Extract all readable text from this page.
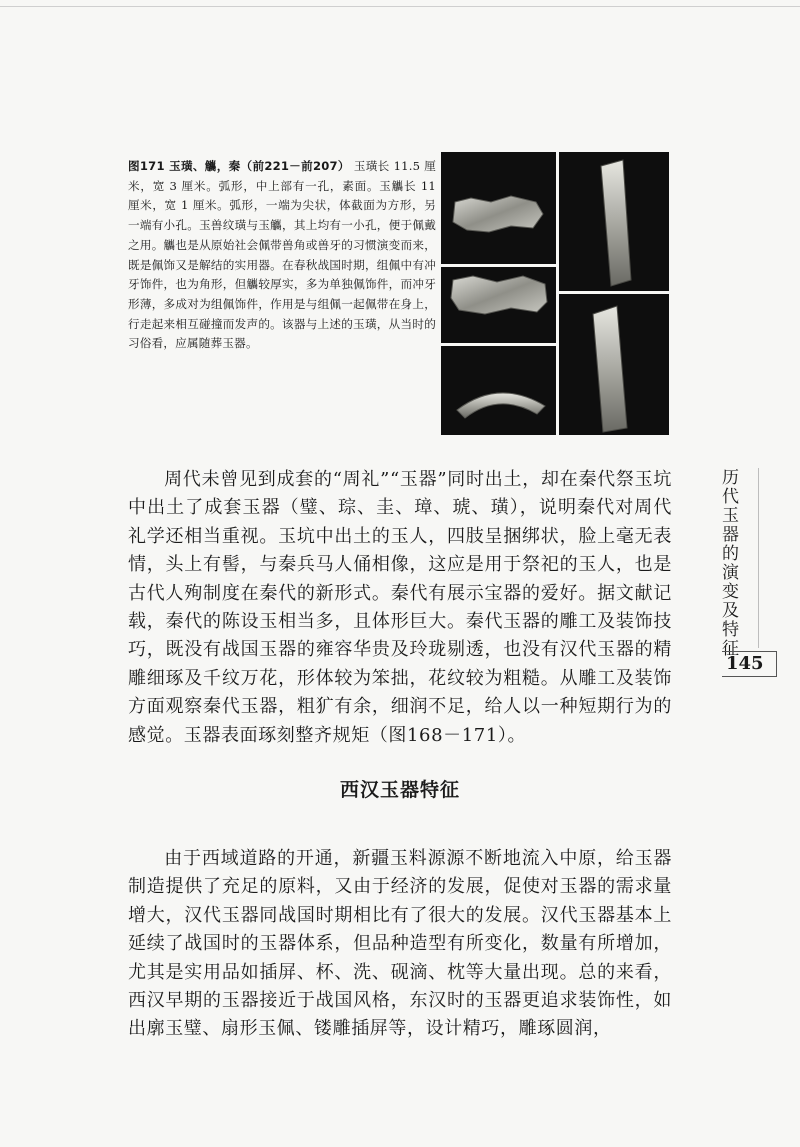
图171 玉璜、觿，秦（前221－前207） 玉璜长 11.5 厘米，宽 3 厘米。弧形，中上部有一孔，素面。玉觿长 11 厘米，宽 1 厘米。弧形，一端为尖状，体截面为方形，另一端有小孔。玉兽纹璜与玉觿，其上均有一小孔，便于佩戴之用。觿也是从原始社会佩带兽角或兽牙的习惯演变而来，既是佩饰又是解结的实用器。在春秋战国时期，组佩中有冲牙饰件，也为角形，但觿较厚实，多为单独佩饰件，而冲牙形薄，多成对为组佩饰件，作用是与组佩一起佩带在身上，行走起来相互碰撞而发声的。该器与上述的玉璜，从当时的习俗看，应属随葬玉器。
周代未曾见到成套的“周礼”“玉器”同时出土，却在秦代祭玉坑中出土了成套玉器（璧、琮、圭、璋、琥、璜），说明秦代对周代礼学还相当重视。玉坑中出土的玉人，四肢呈捆绑状，脸上毫无表情，头上有髻，与秦兵马人俑相像，这应是用于祭祀的玉人，也是古代人殉制度在秦代的新形式。秦代有展示宝器的爱好。据文献记载，秦代的陈设玉相当多，且体形巨大。秦代玉器的雕工及装饰技巧，既没有战国玉器的雍容华贵及玲珑剔透，也没有汉代玉器的精雕细琢及千纹万花，形体较为笨拙，花纹较为粗糙。从雕工及装饰方面观察秦代玉器，粗犷有余，细润不足，给人以一种短期行为的感觉。玉器表面琢刻整齐规矩（图168－171）。
西汉玉器特征
由于西域道路的开通，新疆玉料源源不断地流入中原，给玉器制造提供了充足的原料，又由于经济的发展，促使对玉器的需求量增大，汉代玉器同战国时期相比有了很大的发展。汉代玉器基本上延续了战国时的玉器体系，但品种造型有所变化，数量有所增加，尤其是实用品如插屏、杯、洗、砚滴、枕等大量出现。总的来看，西汉早期的玉器接近于战国风格，东汉时的玉器更追求装饰性，如出廓玉璧、扇形玉佩、镂雕插屏等，设计精巧，雕琢圆润，
历代玉器的演变及特征
145
